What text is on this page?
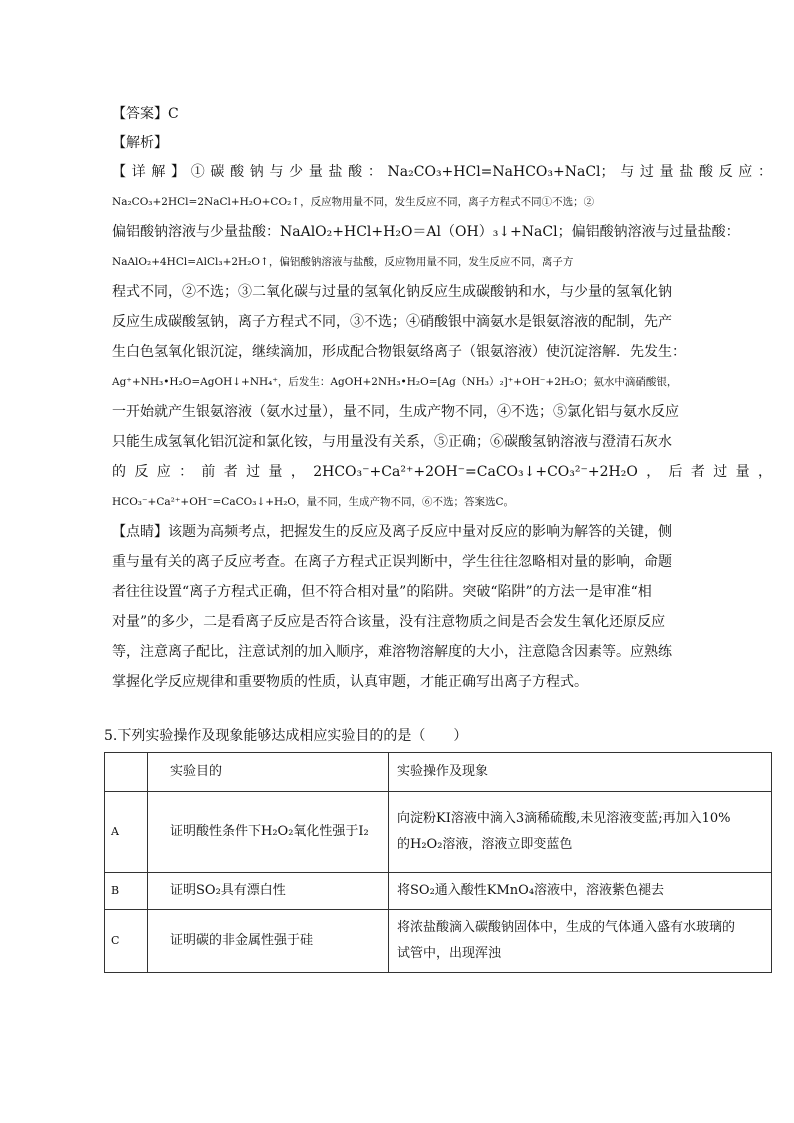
【答案】C
【解析】
【详解】①碳酸钠与少量盐酸：Na₂CO₃+HCl=NaHCO₃+NaCl；与过量盐酸反应：
Na₂CO₃+2HCl=2NaCl+H₂O+CO₂↑，反应物用量不同，发生反应不同，离子方程式不同①不选；②
偏铝酸钠溶液与少量盐酸：NaAlO₂+HCl+H₂O＝Al（OH）₃↓+NaCl；偏铝酸钠溶液与过量盐酸：
NaAlO₂+4HCl=AlCl₃+2H₂O↑，偏铝酸钠溶液与盐酸，反应物用量不同，发生反应不同，离子方
程式不同，②不选；③二氧化碳与过量的氢氧化钠反应生成碳酸钠和水，与少量的氢氧化钠
反应生成碳酸氢钠，离子方程式不同，③不选；④硝酸银中滴氨水是银氨溶液的配制，先产
生白色氢氧化银沉淀，继续滴加，形成配合物银氨络离子（银氨溶液）使沉淀溶解．先发生：
Ag⁺+NH₃•H₂O=AgOH↓+NH₄⁺，后发生：AgOH+2NH₃•H₂O=[Ag（NH₃）₂]⁺+OH⁻+2H₂O；氨水中滴硝酸银，
一开始就产生银氨溶液（氨水过量），量不同，生成产物不同，④不选；⑤氯化铝与氨水反应
只能生成氢氧化铝沉淀和氯化铵，与用量没有关系，⑤正确；⑥碳酸氢钠溶液与澄清石灰水
的反应：前者过量，2HCO₃⁻+Ca²⁺+2OH⁻=CaCO₃↓+CO₃²⁻+2H₂O，后者过量，
HCO₃⁻+Ca²⁺+OH⁻=CaCO₃↓+H₂O，量不同，生成产物不同，⑥不选；答案选C。
【点睛】该题为高频考点，把握发生的反应及离子反应中量对反应的影响为解答的关键，侧
重与量有关的离子反应考查。在离子方程式正误判断中，学生往往忽略相对量的影响，命题
者往往设置“离子方程式正确，但不符合相对量”的陷阱。突破“陷阱”的方法一是审准“相
对量”的多少，二是看离子反应是否符合该量，没有注意物质之间是否会发生氧化还原反应
等，注意离子配比，注意试剂的加入顺序，难溶物溶解度的大小，注意隐含因素等。应熟练
掌握化学反应规律和重要物质的性质，认真审题，才能正确写出离子方程式。
5.下列实验操作及现象能够达成相应实验目的的是（　　）
	实验目的	实验操作及现象
A	证明酸性条件下H₂O₂氧化性强于I₂	向淀粉KI溶液中滴入3滴稀硫酸,未见溶液变蓝;再加入10%
的H₂O₂溶液，溶液立即变蓝色

B	证明SO₂具有漂白性	将SO₂通入酸性KMnO₄溶液中，溶液紫色褪去

C	证明碳的非金属性强于硅	将浓盐酸滴入碳酸钠固体中，生成的气体通入盛有水玻璃的
试管中，出现浑浊
